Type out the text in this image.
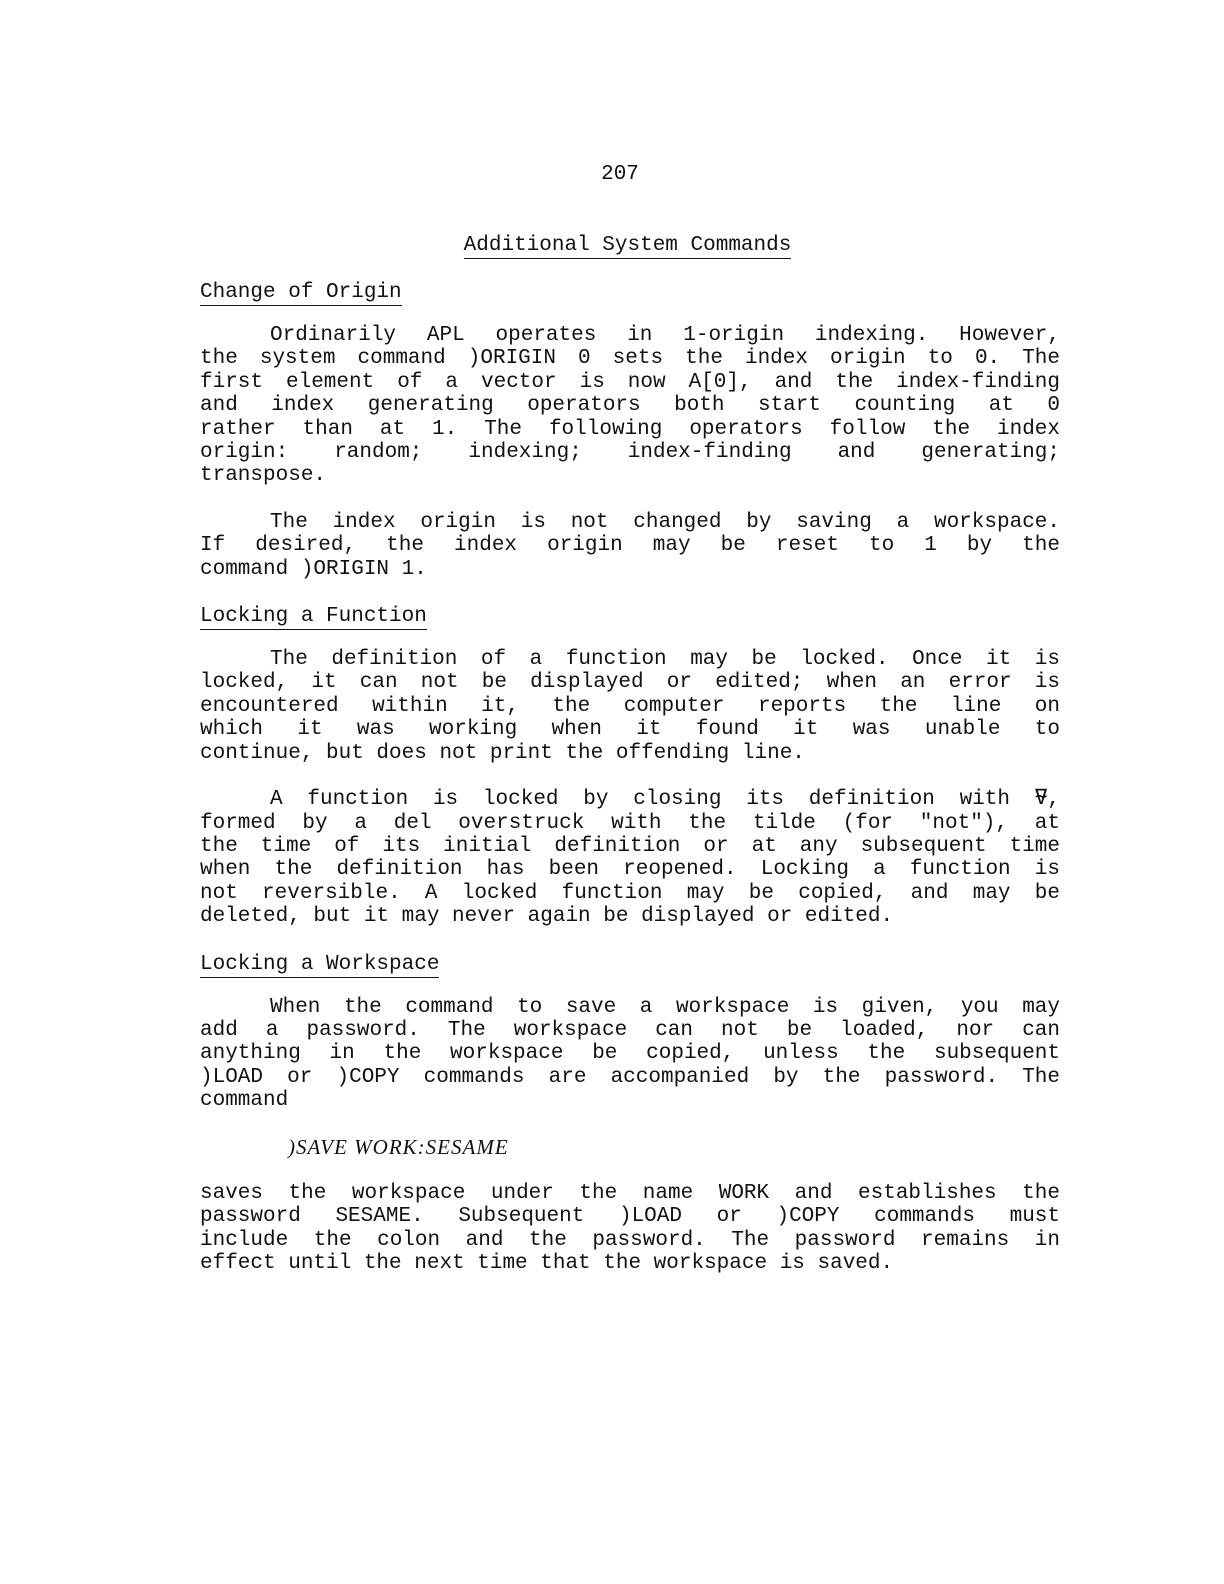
207
Additional System Commands
Change of Origin
Ordinarily APL operates in 1-origin indexing. However,
the system command )ORIGIN 0 sets the index origin to 0. The
first element of a vector is now A[0], and the index-finding
and index generating operators both start counting at 0
rather than at 1. The following operators follow the index
origin: random; indexing; index-finding and generating;
transpose.
The index origin is not changed by saving a workspace.
If desired, the index origin may be reset to 1 by the
command )ORIGIN 1.
Locking a Function
The definition of a function may be locked. Once it is
locked, it can not be displayed or edited; when an error is
encountered within it, the computer reports the line on
which it was working when it found it was unable to
continue, but does not print the offending line.
A function is locked by closing its definition with ⍫,
formed by a del overstruck with the tilde (for "not"), at
the time of its initial definition or at any subsequent time
when the definition has been reopened. Locking a function is
not reversible. A locked function may be copied, and may be
deleted, but it may never again be displayed or edited.
Locking a Workspace
When the command to save a workspace is given, you may
add a password. The workspace can not be loaded, nor can
anything in the workspace be copied, unless the subsequent
)LOAD or )COPY commands are accompanied by the password. The
command
)SAVE WORK:SESAME
saves the workspace under the name WORK and establishes the
password SESAME. Subsequent )LOAD or )COPY commands must
include the colon and the password. The password remains in
effect until the next time that the workspace is saved.
